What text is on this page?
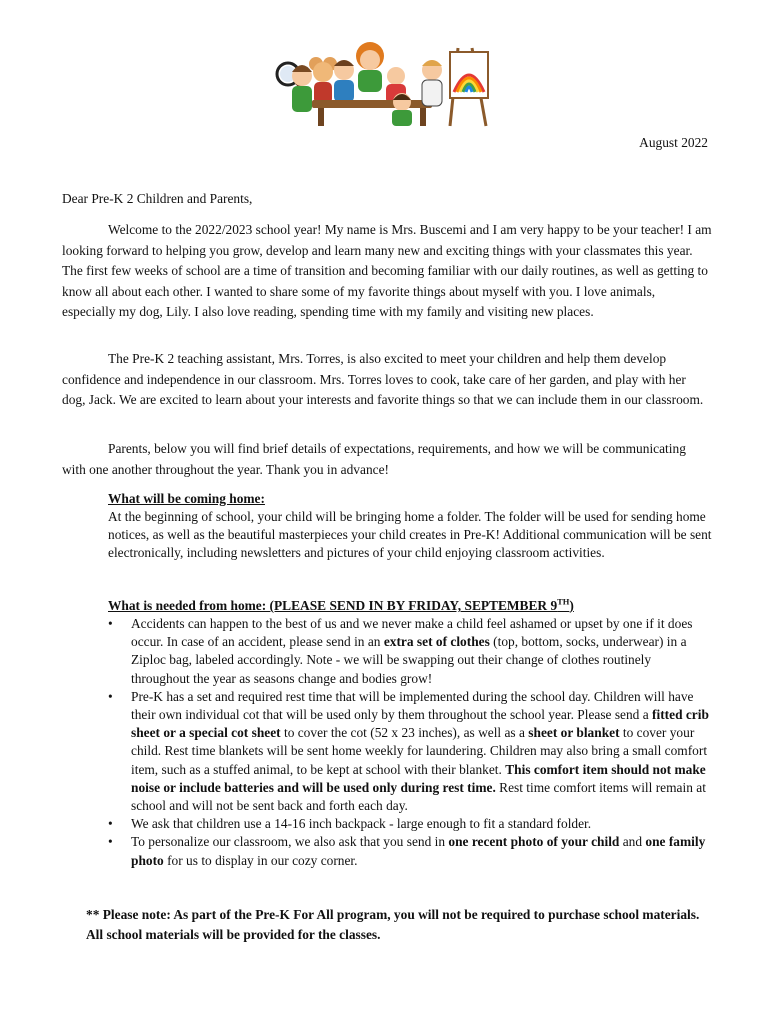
August 2022
Dear Pre-K 2 Children and Parents,

Welcome to the 2022/2023 school year! My name is Mrs. Buscemi and I am very happy to be your teacher! I am looking forward to helping you grow, develop and learn many new and exciting things with your classmates this year. The first few weeks of school are a time of transition and becoming familiar with our daily routines, as well as getting to know all about each other. I wanted to share some of my favorite things about myself with you. I love animals, especially my dog, Lily. I also love reading, spending time with my family and visiting new places.

The Pre-K 2 teaching assistant, Mrs. Torres, is also excited to meet your children and help them develop confidence and independence in our classroom. Mrs. Torres loves to cook, take care of her garden, and play with her dog, Jack. We are excited to learn about your interests and favorite things so that we can include them in our classroom.

Parents, below you will find brief details of expectations, requirements, and how we will be communicating with one another throughout the year. Thank you in advance!

What will be coming home:
At the beginning of school, your child will be bringing home a folder. The folder will be used for sending home notices, as well as the beautiful masterpieces your child creates in Pre-K! Additional communication will be sent electronically, including newsletters and pictures of your child enjoying classroom activities.
What is needed from home: (PLEASE SEND IN BY FRIDAY, SEPTEMBER 9TH)
• Accidents can happen to the best of us and we never make a child feel ashamed or upset by one if it does occur. In case of an accident, please send in an extra set of clothes (top, bottom, socks, underwear) in a Ziploc bag, labeled accordingly. Note - we will be swapping out their change of clothes routinely throughout the year as seasons change and bodies grow!
• Pre-K has a set and required rest time that will be implemented during the school day. Children will have their own individual cot that will be used only by them throughout the school year. Please send a fitted crib sheet or a special cot sheet to cover the cot (52 x 23 inches), as well as a sheet or blanket to cover your child. Rest time blankets will be sent home weekly for laundering. Children may also bring a small comfort item, such as a stuffed animal, to be kept at school with their blanket. This comfort item should not make noise or include batteries and will be used only during rest time. Rest time comfort items will remain at school and will not be sent back and forth each day.
• We ask that children use a 14-16 inch backpack - large enough to fit a standard folder.
• To personalize our classroom, we also ask that you send in one recent photo of your child and one family photo for us to display in our cozy corner.
** Please note: As part of the Pre-K For All program, you will not be required to purchase school materials. All school materials will be provided for the classes.
